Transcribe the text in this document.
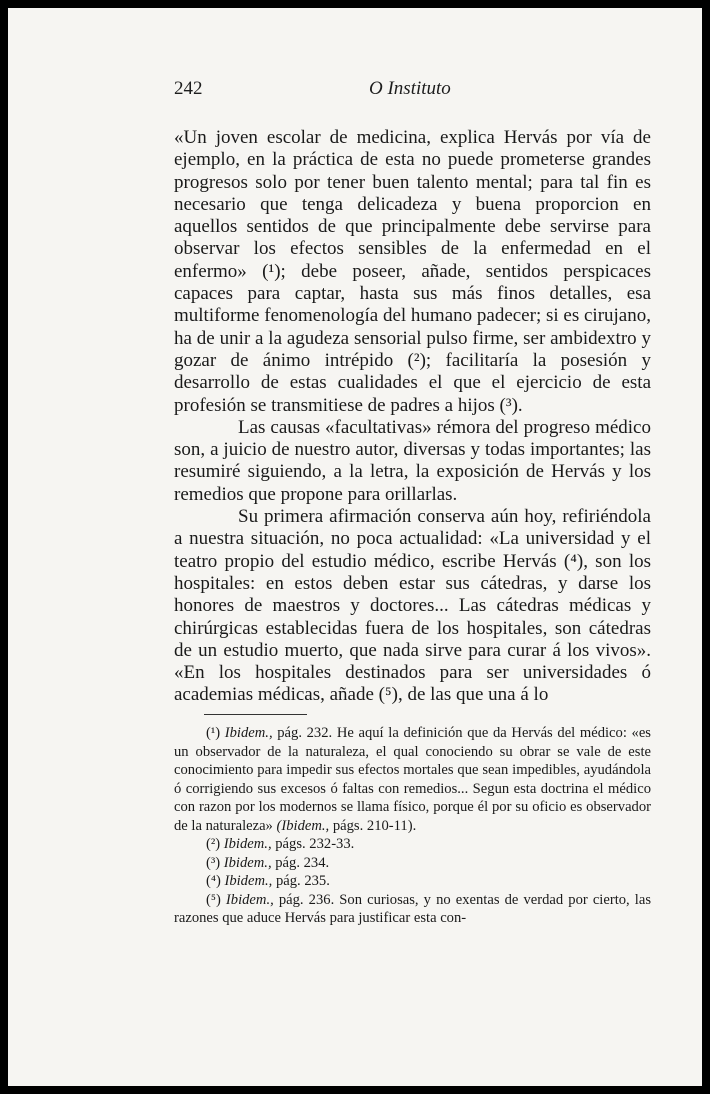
242	O Instituto

«Un joven escolar de medicina, explica Hervás por vía de ejemplo, en la práctica de esta no puede prometerse grandes progresos solo por tener buen talento mental; para tal fin es necesario que tenga delicadeza y buena proporcion en aquellos sentidos de que principalmente debe servirse para observar los efectos sensibles de la enfermedad en el enfermo» (¹); debe poseer, añade, sentidos perspicaces capaces para captar, hasta sus más finos detalles, esa multiforme fenomenología del humano padecer; si es cirujano, ha de unir a la agudeza sensorial pulso firme, ser ambidextro y gozar de ánimo intrépido (²); facilitaría la posesión y desarrollo de estas cualidades el que el ejercicio de esta profesión se transmitiese de padres a hijos (³).

Las causas «facultativas» rémora del progreso médico son, a juicio de nuestro autor, diversas y todas importantes; las resumiré siguiendo, a la letra, la exposición de Hervás y los remedios que propone para orillarlas.

Su primera afirmación conserva aún hoy, refiriéndola a nuestra situación, no poca actualidad: «La universidad y el teatro propio del estudio médico, escribe Hervás (⁴), son los hospitales: en estos deben estar sus cátedras, y darse los honores de maestros y doctores... Las cátedras médicas y chirúrgicas establecidas fuera de los hospitales, son cátedras de un estudio muerto, que nada sirve para curar á los vivos». «En los hospitales destinados para ser universidades ó academias médicas, añade (⁵), de las que una á lo

(¹) Ibidem., pág. 232. He aquí la definición que da Hervás del médico: «es un observador de la naturaleza, el qual conociendo su obrar se vale de este conocimiento para impedir sus efectos mortales que sean impedibles, ayudándola ó corrigiendo sus excesos ó faltas con remedios... Segun esta doctrina el médico con razon por los modernos se llama físico, porque él por su oficio es observador de la naturaleza» (Ibidem., págs. 210-11).

(²) Ibidem., págs. 232-33.

(³) Ibidem., pág. 234.

(⁴) Ibidem., pág. 235.

(⁵) Ibidem., pág. 236. Son curiosas, y no exentas de verdad por cierto, las razones que aduce Hervás para justificar esta con-
